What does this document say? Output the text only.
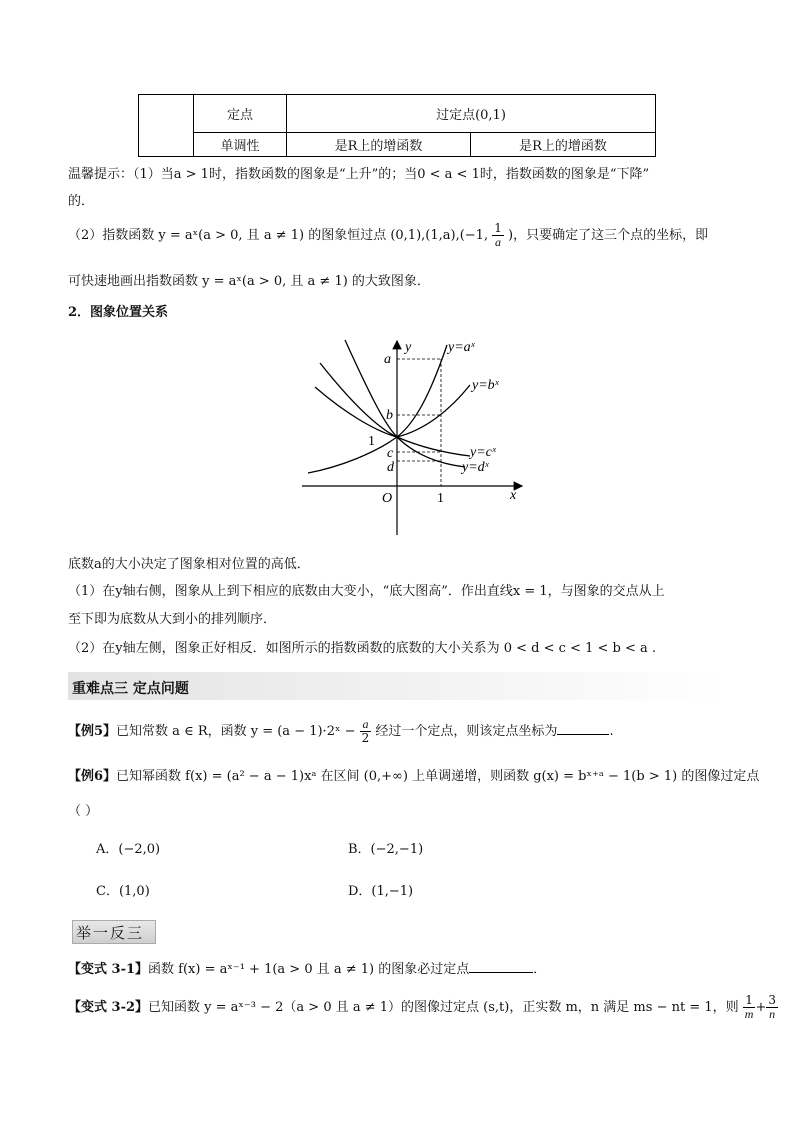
	定点	过定点(0,1)	
	单调性	是R上的增函数	是R上的增函数
温馨提示：（1）当a > 1时，指数函数的图象是“上升”的；当0 < a < 1时，指数函数的图象是“下降”
的．
（2）指数函数 y = aˣ(a > 0, 且 a ≠ 1) 的图象恒过点 (0,1),(1,a),(−1, $\frac{1}{a}$ )，只要确定了这三个点的坐标，即
可快速地画出指数函数 y = aˣ(a > 0, 且 a ≠ 1) 的大致图象．
2．图象位置关系
y
x
O
a
b
c
d
y=aˣ
y=bˣ
y=cˣ
y=dˣ
1
1
底数a的大小决定了图象相对位置的高低．
（1）在y轴右侧，图象从上到下相应的底数由大变小，“底大图高”．作出直线x = 1，与图象的交点从上
至下即为底数从大到小的排列顺序．
（2）在y轴左侧，图象正好相反．如图所示的指数函数的底数的大小关系为 0 < d < c < 1 < b < a .
重难点三 定点问题
【例5】已知常数 a ∈ R，函数 y = (a − 1)·2ˣ − $\frac{a}{2}$ 经过一个定点，则该定点坐标为	.
【例6】已知幂函数 f(x) = (a² − a − 1)xᵃ 在区间 (0,+∞) 上单调递增，则函数 g(x) = bˣ⁺ᵃ − 1(b > 1) 的图像过定点
（ ）
A．(−2,0)	B．(−2,−1)
C．(1,0)	D．(1,−1)
举一反三
【变式 3-1】函数 f(x) = aˣ⁻¹ + 1(a > 0 且 a ≠ 1) 的图象必过定点	．
【变式 3-2】已知函数 y = aˣ⁻³ − 2（a > 0 且 a ≠ 1）的图像过定点 (s,t)，正实数 m，n 满足 ms − nt = 1，则 $\frac{1}{m} + \frac{3}{n}$
